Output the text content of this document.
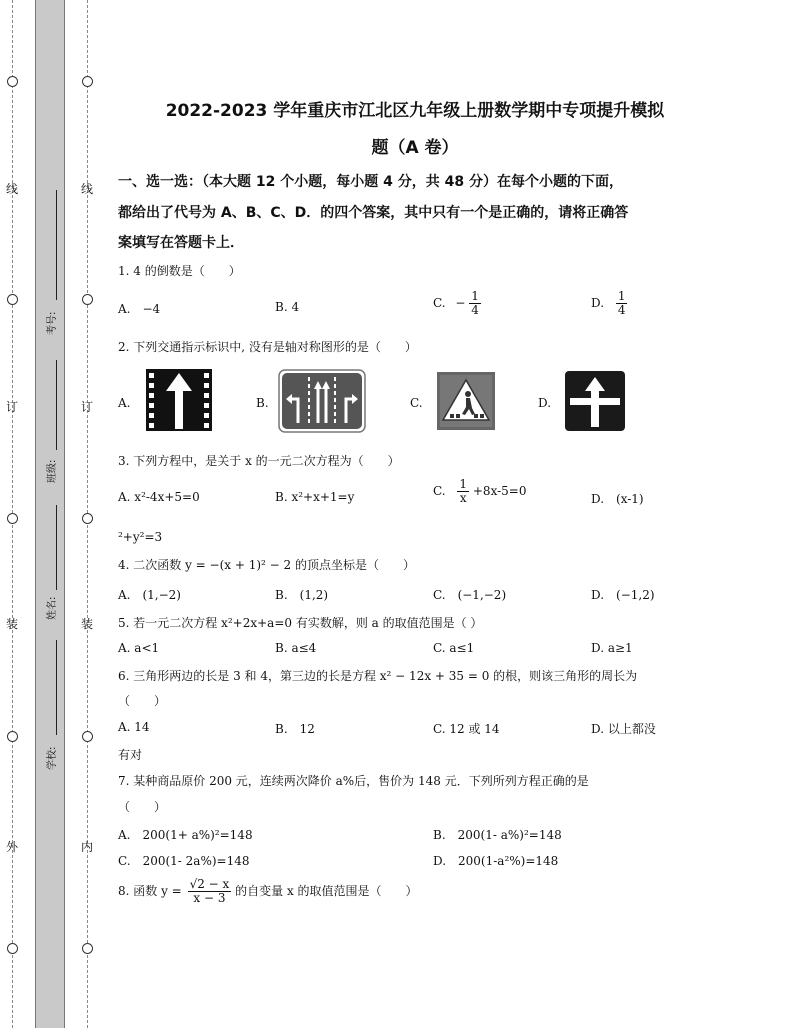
线
订
装
外
线
订
装
内
考号:
班级:
姓名:
学校:
2022-2023 学年重庆市江北区九年级上册数学期中专项提升模拟
题（A 卷）
一、选一选：（本大题 12 个小题，每小题 4 分，共 48 分）在每个小题的下面，
都给出了代号为 A、B、C、D．的四个答案，其中只有一个是正确的，请将正确答
案填写在答题卡上．
1. 4 的倒数是（　　）
A.　−4	B. 4	C. − $\frac{1}{4}$	D. $\frac{1}{4}$
2. 下列交通指示标识中, 没有是轴对称图形的是（　　）
A.	B.	C.	D.
3. 下列方程中，是关于 x 的一元二次方程为（　　）
A. x²-4x+5=0	B. x²+x+1=y	C. $\frac{1}{x} +8x-5=0$
D.　(x-1)
²+y²=3
4. 二次函数 y = −(x + 1)² − 2 的顶点坐标是（　　）
A.　(1,−2)	B.　(1,2)	C.　(−1,−2)	D.　(−1,2)
5. 若一元二次方程 x²+2x+a=0 有实数解，则 a 的取值范围是（ ）
A. a<1	B. a≤4	C. a≤1	D. a≥1
6. 三角形两边的长是 3 和 4，第三边的长是方程 x² − 12x + 35 = 0 的根，则该三角形的周长为
（　　）
A. 14	B.　12	C. 12 或 14	D. 以上都没
有对
7. 某种商品原价 200 元，连续两次降价 a%后，售价为 148 元．下列所列方程正确的是
（　　）
A.　200(1+ a%)²=148	B.　200(1- a%)²=148
C.　200(1- 2a%)=148	D.　200(1-a²%)=148
8. 函数 $y = \frac{√2 - x}{x - 3}$ 的自变量 x 的取值范围是（　　）
